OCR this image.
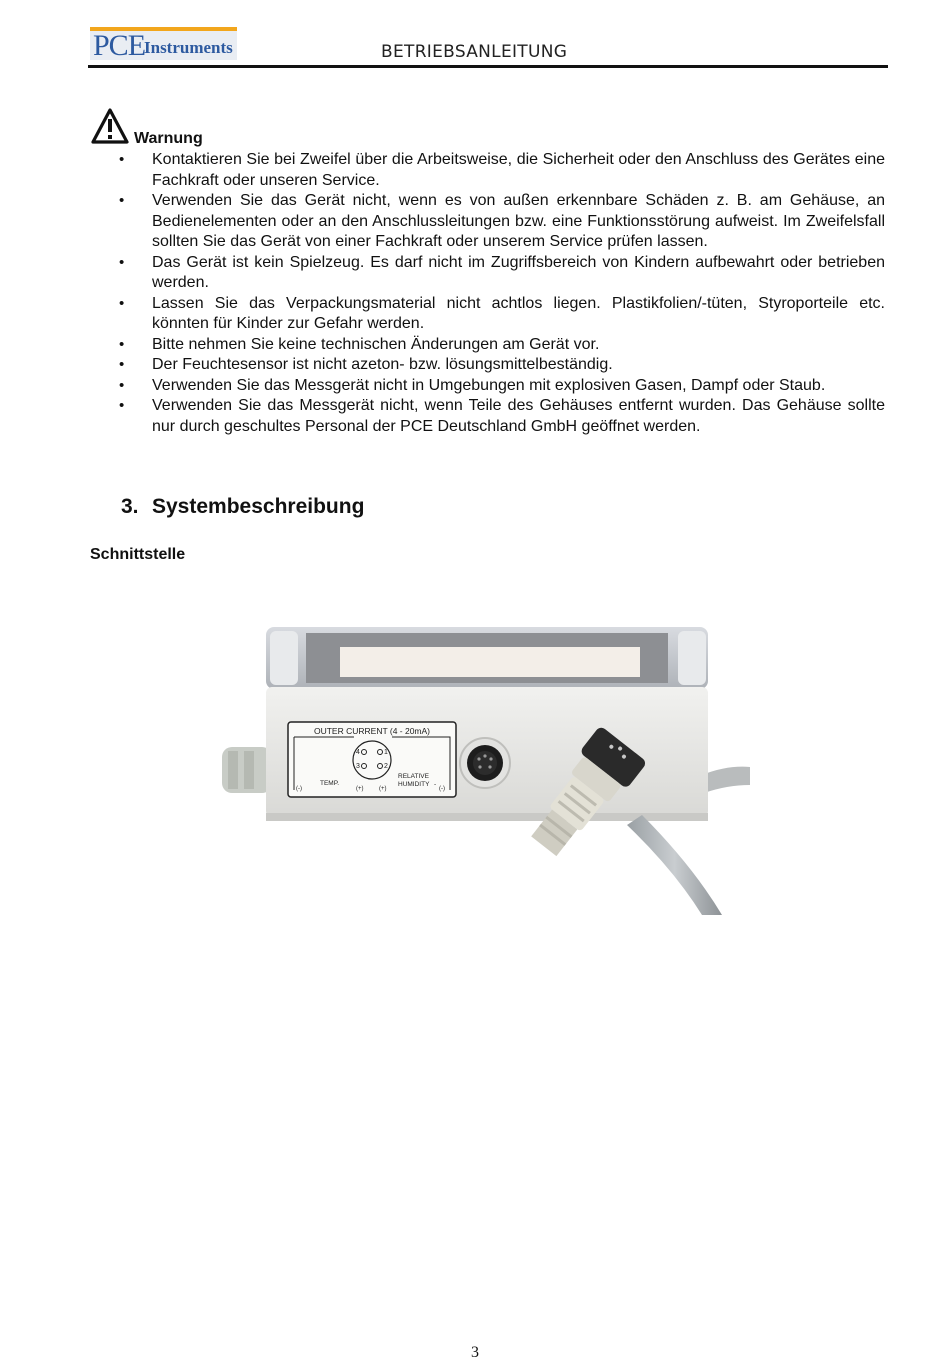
PCE
Instruments	BETRIEBSANLEITUNG
Warnung
• Kontaktieren Sie bei Zweifel über die Arbeitsweise, die Sicherheit oder den Anschluss des Gerätes eine Fachkraft oder unseren Service.
• Verwenden Sie das Gerät nicht, wenn es von außen erkennbare Schäden z. B. am Gehäuse, an Bedienelementen oder an den Anschlussleitungen bzw. eine Funktionsstörung aufweist. Im Zweifelsfall sollten Sie das Gerät von einer Fachkraft oder unserem Service prüfen lassen.
• Das Gerät ist kein Spielzeug. Es darf nicht im Zugriffsbereich von Kindern aufbewahrt oder betrieben werden.
• Lassen Sie das Verpackungsmaterial nicht achtlos liegen. Plastikfolien/-tüten, Styroporteile etc. könnten für Kinder zur Gefahr werden.
• Bitte nehmen Sie keine technischen Änderungen am Gerät vor.
• Der Feuchtesensor ist nicht azeton- bzw. lösungsmittelbeständig.
• Verwenden Sie das Messgerät nicht in Umgebungen mit explosiven Gasen, Dampf oder Staub.
• Verwenden Sie das Messgerät nicht, wenn Teile des Gehäuses entfernt wurden. Das Gehäuse sollte nur durch geschultes Personal der PCE Deutschland GmbH geöffnet werden.
3. Systembeschreibung
Schnittstelle
OUTER CURRENT (4 - 20mA)
4	1
3	2
TEMP.
RELATIVE
HUMIDITY -
(-)	(+)	(+)	(-)
3
